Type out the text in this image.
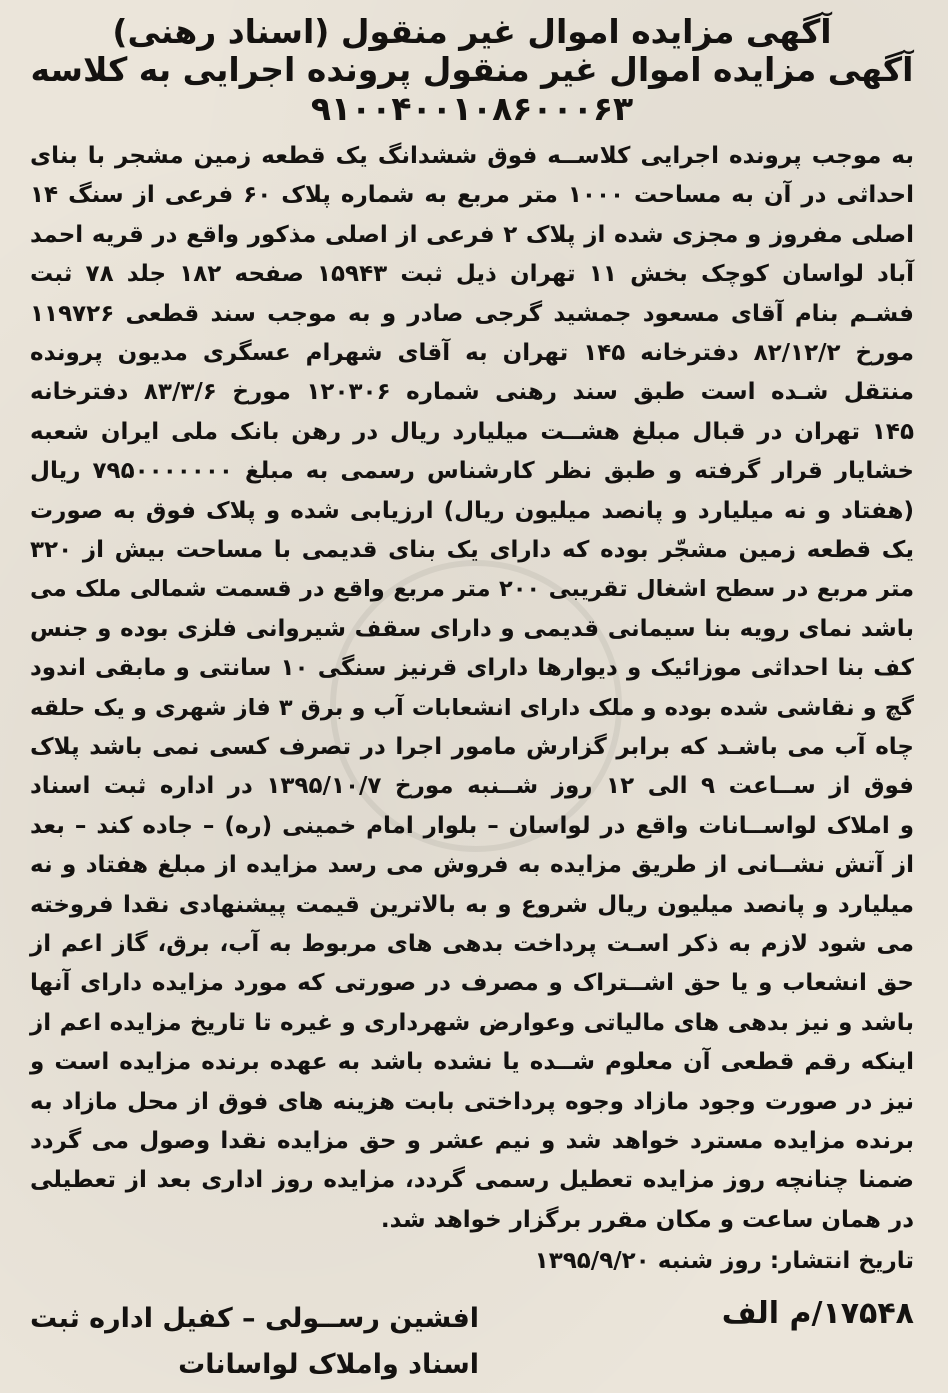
آگهی مزایده اموال غیر منقول (اسناد رهنی)

آگهی مزایده اموال غیر منقول پرونده اجرایی به کلاسه

۹۱۰۰۴۰۰۱۰۸۶۰۰۰۶۳

به موجب پرونده اجرایی کلاســه فوق ششدانگ یک قطعه زمین مشجر با بنای
احداثی در آن به مساحت ۱۰۰۰ متر مربع به شماره پلاک ۶۰ فرعی از سنگ ۱۴
اصلی مفروز و مجزی شده از پلاک ۲ فرعی از اصلی مذکور واقع در قریه احمد
آباد لواسان کوچک بخش ۱۱ تهران ذیل ثبت ۱۵۹۴۳ صفحه ۱۸۲ جلد ۷۸ ثبت
فشـم بنام آقای مسعود جمشید گرجی صادر و به موجب سند قطعی ۱۱۹۷۲۶
مورخ ۸۲/۱۲/۲ دفترخانه ۱۴۵ تهران به آقای شهرام عسگری مدیون پرونده
منتقل شـده است طبق سند رهنی شماره ۱۲۰۳۰۶ مورخ ۸۳/۳/۶ دفترخانه
۱۴۵ تهران در قبال مبلغ هشــت میلیارد ریال در رهن بانک ملی ایران شعبه
خشایار قرار گرفته و طبق نظر کارشناس رسمی به مبلغ ۷۹۵۰۰۰۰۰۰۰ ریال
(هفتاد و نه میلیارد و پانصد میلیون ریال) ارزیابی شده و پلاک فوق به صورت
یک قطعه زمین مشجّر بوده که دارای یک بنای قدیمی با مساحت بیش از ۳۲۰
متر مربع در سطح اشغال تقریبی ۲۰۰ متر مربع واقع در قسمت شمالی ملک می
باشد نمای رویه بنا سیمانی قدیمی و دارای سقف شیروانی فلزی بوده و جنس
کف بنا احداثی موزائیک و دیوارها دارای قرنیز سنگی ۱۰ سانتی و مابقی اندود
گچ و نقاشی شده بوده و ملک دارای انشعابات آب و برق ۳ فاز شهری و یک حلقه
چاه آب می باشـد که برابر گزارش مامور اجرا در تصرف کسی نمی باشد پلاک
فوق از ســاعت ۹ الی ۱۲ روز شــنبه مورخ ۱۳۹۵/۱۰/۷ در اداره ثبت اسناد
و املاک لواســانات واقع در لواسان – بلوار امام خمینی (ره) – جاده کند – بعد
از آتش نشــانی از طریق مزایده به فروش می رسد مزایده از مبلغ هفتاد و نه
میلیارد و پانصد میلیون ریال شروع و به بالاترین قیمت پیشنهادی نقدا فروخته
می شود لازم به ذکر اسـت پرداخت بدهی های مربوط به آب، برق، گاز اعم از
حق انشعاب و یا حق اشــتراک و مصرف در صورتی که مورد مزایده دارای آنها
باشد و نیز بدهی های مالیاتی وعوارض شهرداری و غیره تا تاریخ مزایده اعم از
اینکه رقم قطعی آن معلوم شــده یا نشده باشد به عهده برنده مزایده است و
نیز در صورت وجود مازاد وجوه پرداختی بابت هزینه های فوق از محل مازاد به
برنده مزایده مسترد خواهد شد و نیم عشر و حق مزایده نقدا وصول می گردد
ضمنا چنانچه روز مزایده تعطیل رسمی گردد، مزایده روز اداری بعد از تعطیلی
در همان ساعت و مکان مقرر برگزار خواهد شد.
تاریخ انتشار: روز شنبه ۱۳۹۵/۹/۲۰
۱۷۵۴۸/م الف
افشین رســولی – کفیل اداره ثبت
اسناد واملاک لواسانات
